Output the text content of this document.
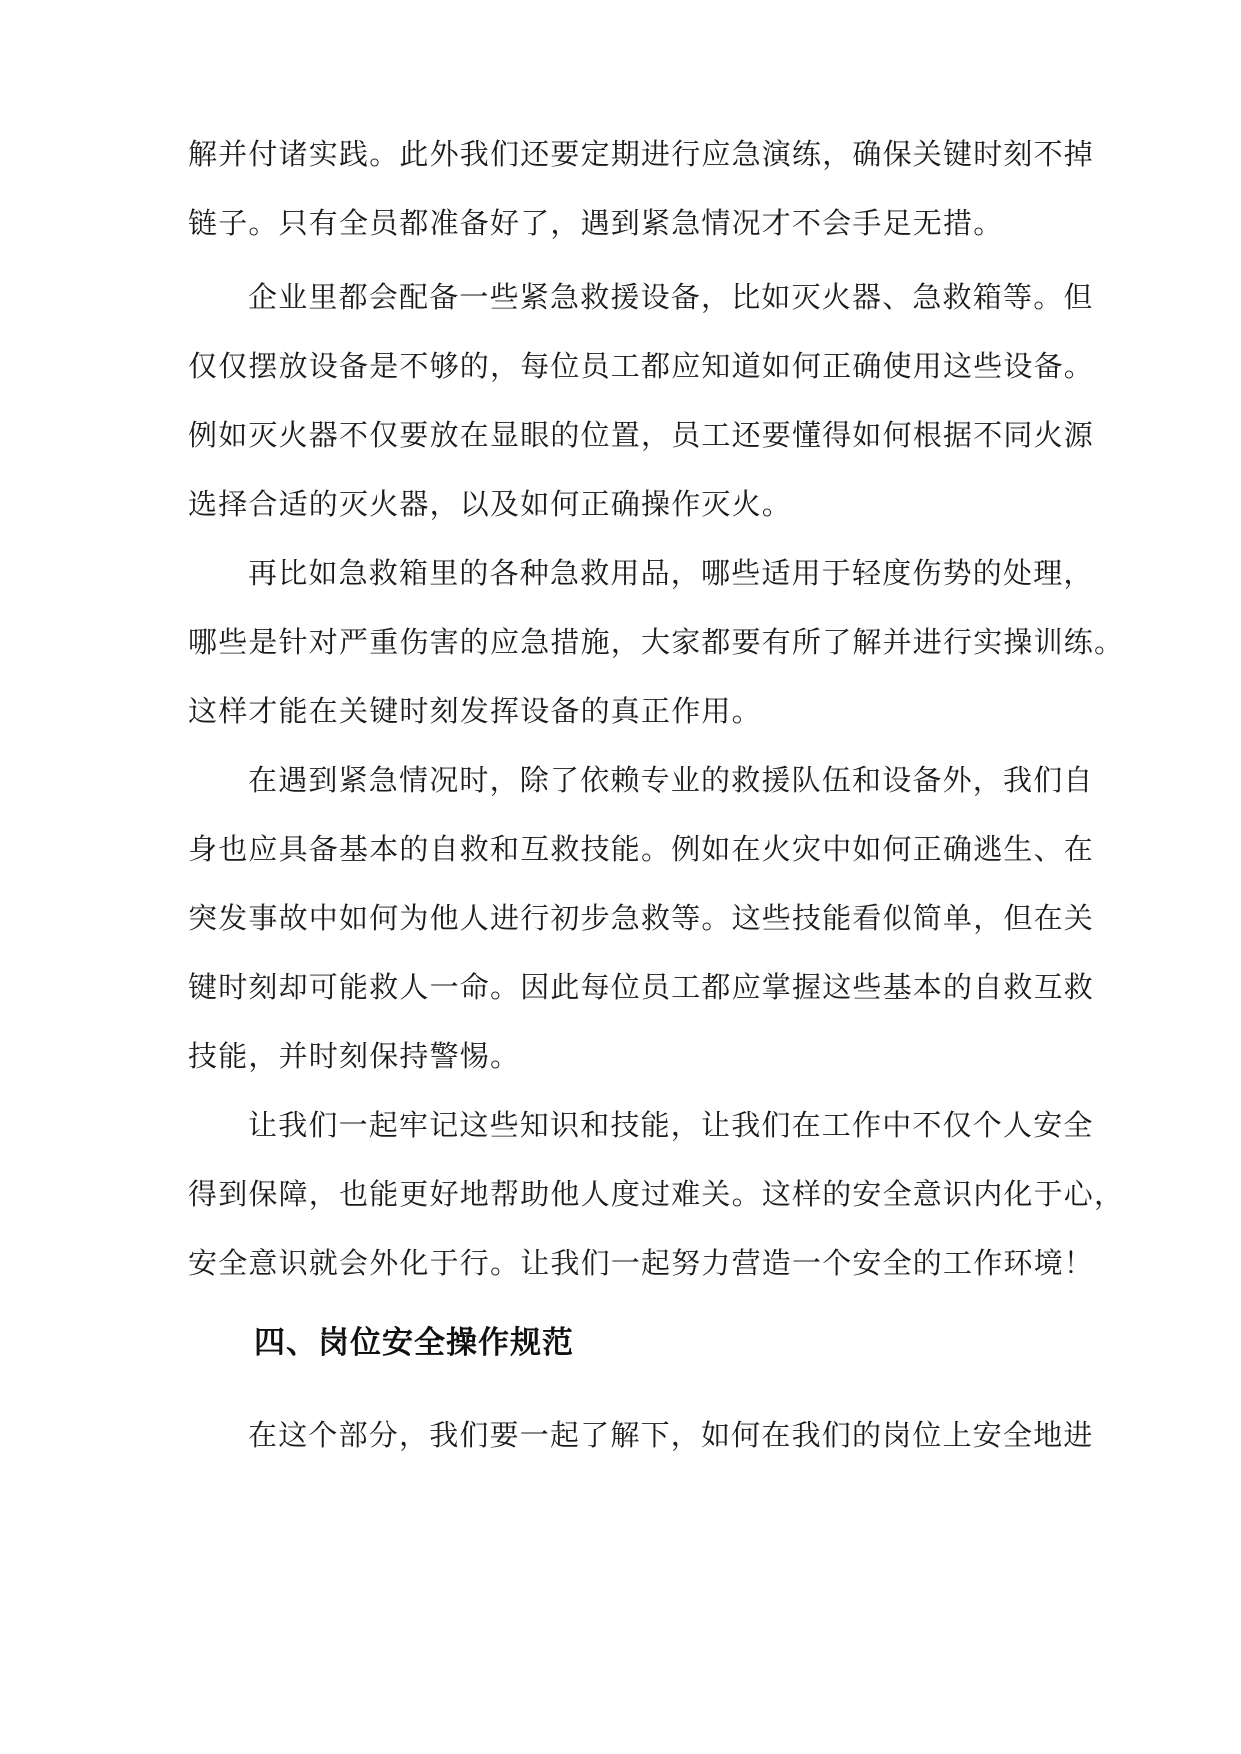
解并付诸实践。此外我们还要定期进行应急演练，确保关键时刻不掉

链子。只有全员都准备好了，遇到紧急情况才不会手足无措。

企业里都会配备一些紧急救援设备，比如灭火器、急救箱等。但

仅仅摆放设备是不够的，每位员工都应知道如何正确使用这些设备。

例如灭火器不仅要放在显眼的位置，员工还要懂得如何根据不同火源

选择合适的灭火器，以及如何正确操作灭火。

再比如急救箱里的各种急救用品，哪些适用于轻度伤势的处理，

哪些是针对严重伤害的应急措施，大家都要有所了解并进行实操训练。

这样才能在关键时刻发挥设备的真正作用。

在遇到紧急情况时，除了依赖专业的救援队伍和设备外，我们自

身也应具备基本的自救和互救技能。例如在火灾中如何正确逃生、在

突发事故中如何为他人进行初步急救等。这些技能看似简单，但在关

键时刻却可能救人一命。因此每位员工都应掌握这些基本的自救互救

技能，并时刻保持警惕。

让我们一起牢记这些知识和技能，让我们在工作中不仅个人安全

得到保障，也能更好地帮助他人度过难关。这样的安全意识内化于心，

安全意识就会外化于行。让我们一起努力营造一个安全的工作环境！

四、岗位安全操作规范

在这个部分，我们要一起了解下，如何在我们的岗位上安全地进
